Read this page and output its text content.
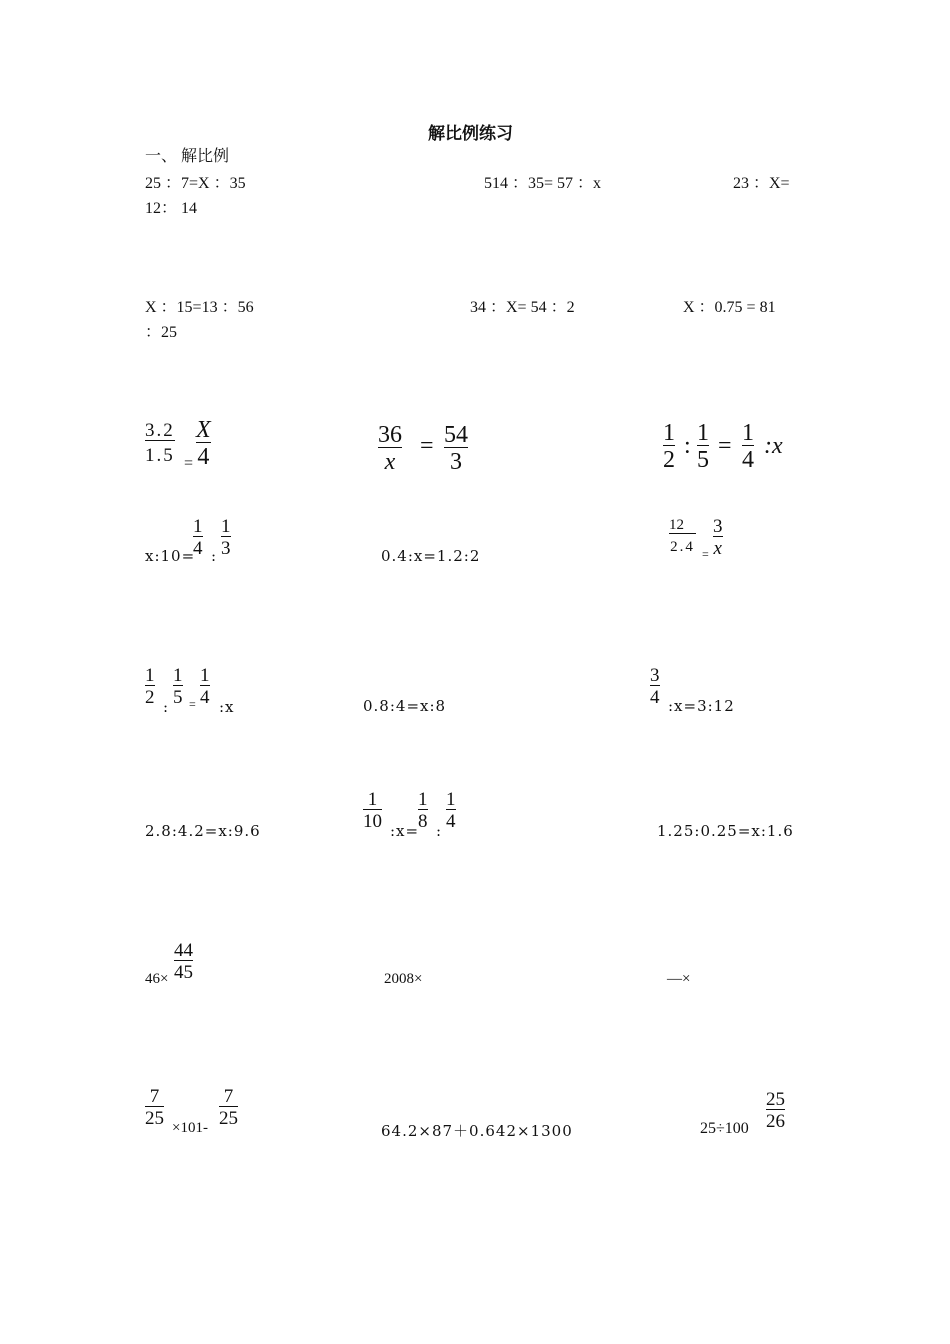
解比例练习
一、 解比例
25 ：7=X ：35
12： 14
514 ：35= 57 ：x	23 ：X=
X ：15=13 ：56
：25
34 ：X= 54 ：2	X ：0.75 = 81
$\frac{3.2}{1.5} = \frac{X}{4}$	$\frac{36}{x} = \frac{54}{3}$	$\frac{1}{2}$ : $\frac{1}{5} = \frac{1}{4}$ :x
x:10=
$\frac{1}{4}$ : $\frac{1}{3}$	0.4:x=1.2:2
$\frac{12}{2.4} = \frac{3}{x}$
$\frac{1}{2}$ : $\frac{1}{5} = \frac{1}{4}$ :x	0.8:4=x:8	$\frac{3}{4}$ :x=3:12
2.8:4.2=x:9.6	$\frac{1}{10}$ :x=
$\frac{1}{8}$ : $\frac{1}{4}$	1.25:0.25=x:1.6
$46\times \frac{44}{45}$	2008×	—×
$\frac{7}{25} \times 101- \frac{7}{25}$
64.2×87＋0.642×1300	$25\div 100 \frac{25}{26}$
